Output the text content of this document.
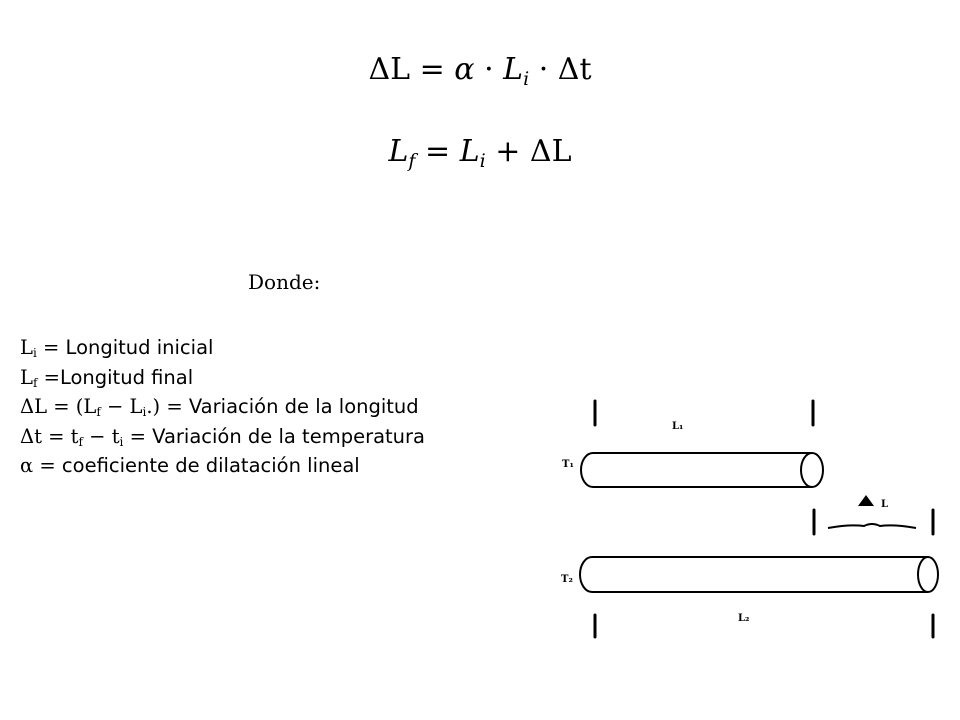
$\Delta L = \alpha \cdot L_i \cdot \Delta t$
$L_f = L_i + \Delta L$
Donde:
$L_i$ = Longitud inicial
$L_f$ =Longitud final
$\Delta L = (L_f - L_i.)$ = Variación de la longitud
$\Delta t = t_f - t_i$ = Variación de la temperatura
α = coeficiente de dilatación lineal
L₁
T₁
L
T₂
L₂
